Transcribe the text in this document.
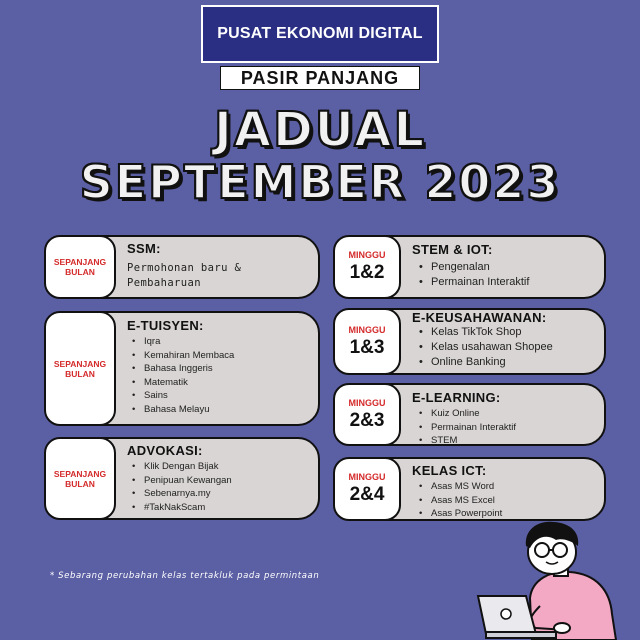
PUSAT EKONOMI DIGITAL
PASIR PANJANG
JADUAL
SEPTEMBER 2023
SEPANJANG
BULAN
SSM:
Permohonan baru &
Pembaharuan
SEPANJANG
BULAN
E-TUISYEN:
• Iqra
• Kemahiran Membaca
• Bahasa Inggeris
• Matematik
• Sains
• Bahasa Melayu
SEPANJANG
BULAN
ADVOKASI:
• Klik Dengan Bijak
• Penipuan Kewangan
• Sebenarnya.my
• #TakNakScam
MINGGU
1&2
STEM & IOT:
• Pengenalan
• Permainan Interaktif
MINGGU
1&3
E-KEUSAHAWANAN:
• Kelas TikTok Shop
• Kelas usahawan Shopee
• Online Banking
MINGGU
2&3
E-LEARNING:
• Kuiz Online
• Permainan Interaktif
• STEM
MINGGU
2&4
KELAS ICT:
• Asas MS Word
• Asas MS Excel
• Asas Powerpoint
* Sebarang perubahan kelas tertakluk pada permintaan
